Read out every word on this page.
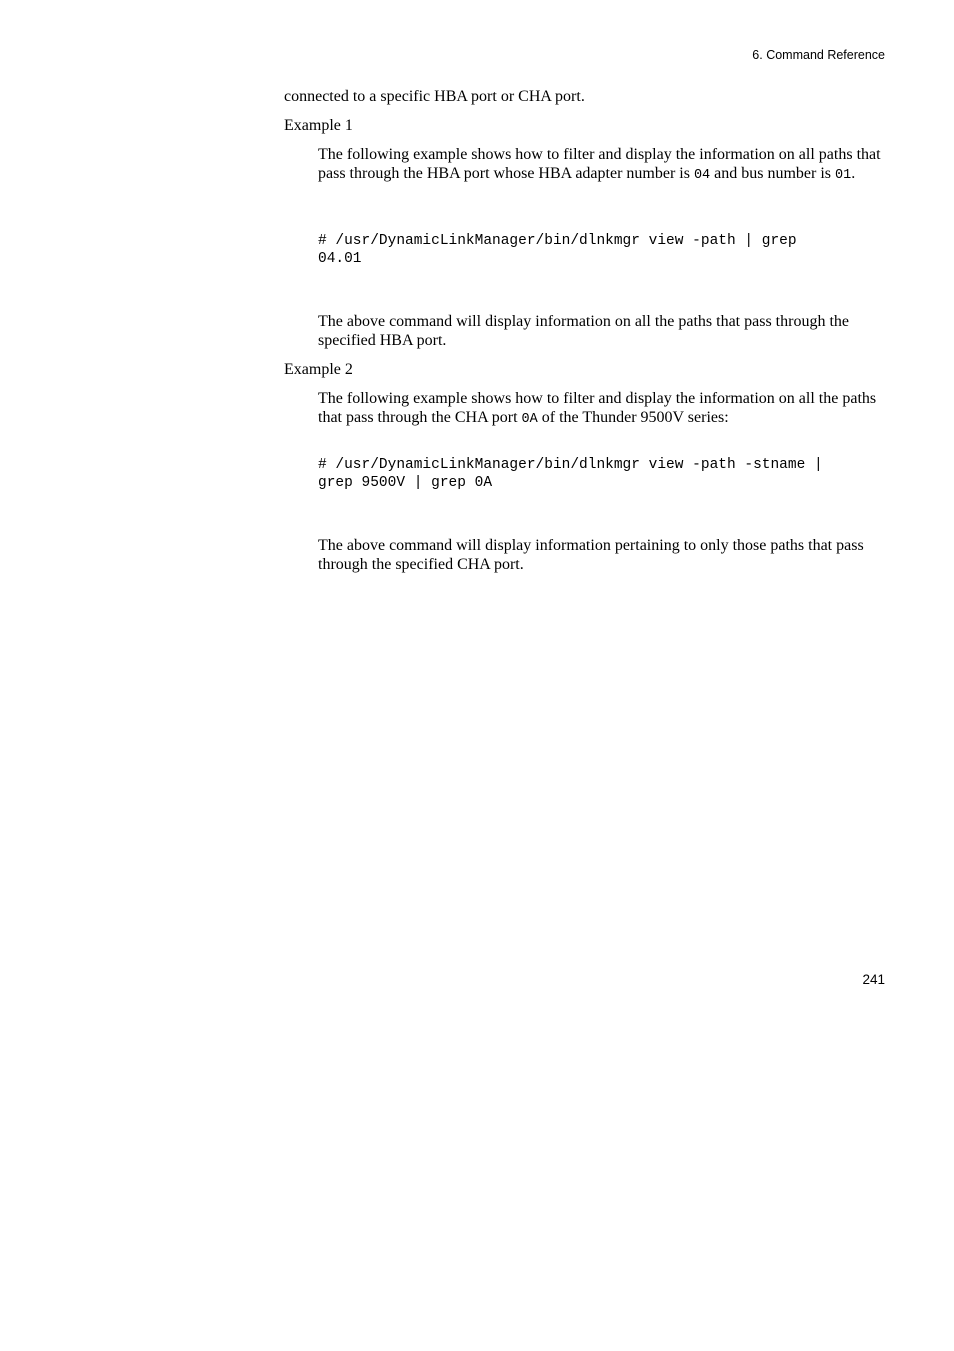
6. Command Reference
connected to a specific HBA port or CHA port.
Example 1
The following example shows how to filter and display the information on all paths that pass through the HBA port whose HBA adapter number is 04 and bus number is 01.
# /usr/DynamicLinkManager/bin/dlnkmgr view -path | grep
04.01
The above command will display information on all the paths that pass through the specified HBA port.
Example 2
The following example shows how to filter and display the information on all the paths that pass through the CHA port 0A of the Thunder 9500V series:
# /usr/DynamicLinkManager/bin/dlnkmgr view -path -stname |
grep 9500V | grep 0A
The above command will display information pertaining to only those paths that pass through the specified CHA port.
241
